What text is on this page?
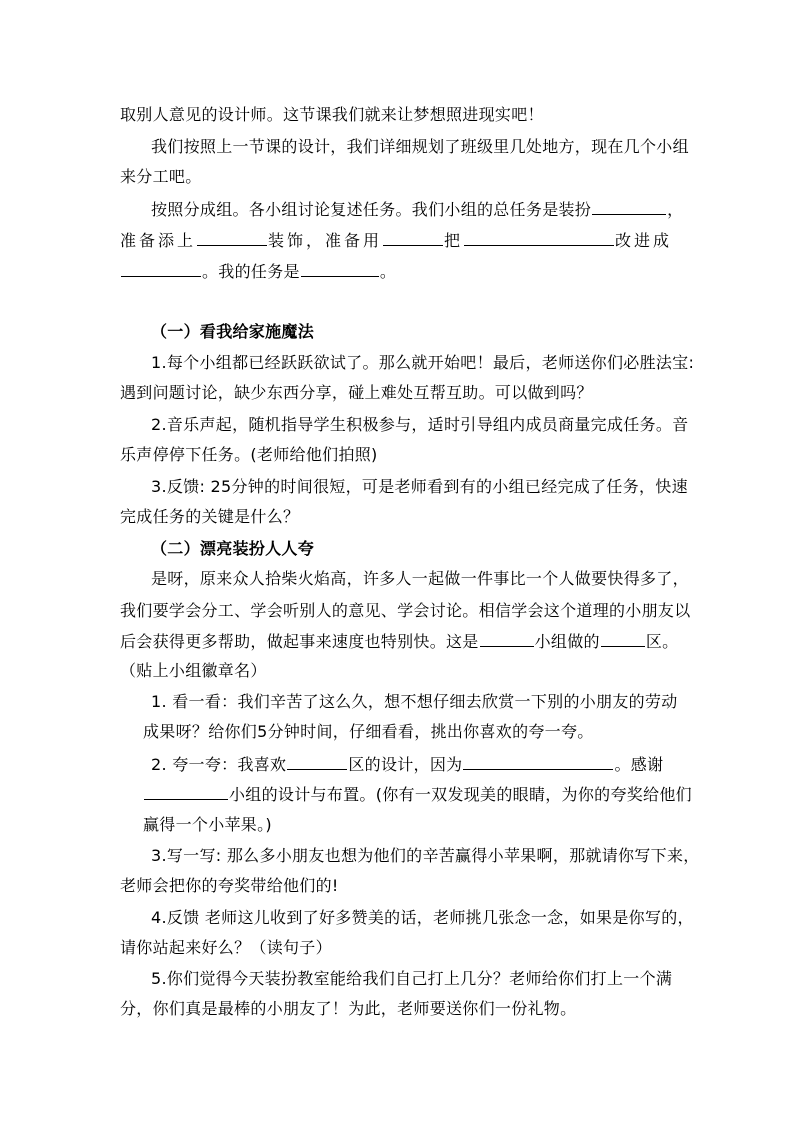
取别人意见的设计师。这节课我们就来让梦想照进现实吧！
我们按照上一节课的设计，我们详细规划了班级里几处地方，现在几个小组
来分工吧。
按照分成组。各小组讨论复述任务。我们小组的总任务是装扮	，
准备添上	装饰，准备用	把	改进成
。我的任务是	。
（一）看我给家施魔法
1.每个小组都已经跃跃欲试了。那么就开始吧！最后，老师送你们必胜法宝:
遇到问题讨论，缺少东西分享，碰上难处互帮互助。可以做到吗？
2.音乐声起，随机指导学生积极参与，适时引导组内成员商量完成任务。音
乐声停停下任务。(老师给他们拍照)
3.反馈: 25分钟的时间很短，可是老师看到有的小组已经完成了任务，快速
完成任务的关键是什么？
（二）漂亮装扮人人夸
是呀，原来众人拾柴火焰高，许多人一起做一件事比一个人做要快得多了，
我们要学会分工、学会听别人的意见、学会讨论。相信学会这个道理的小朋友以
后会获得更多帮助，做起事来速度也特别快。这是	小组做的	区。
（贴上小组徽章名）
1. 看一看：我们辛苦了这么久，想不想仔细去欣赏一下别的小朋友的劳动
成果呀？给你们5分钟时间，仔细看看，挑出你喜欢的夸一夸。
2. 夸一夸：我喜欢	区的设计，因为	。感谢
小组的设计与布置。(你有一双发现美的眼睛，为你的夸奖给他们
赢得一个小苹果。)
3.写一写: 那么多小朋友也想为他们的辛苦赢得小苹果啊，那就请你写下来，
老师会把你的夸奖带给他们的!
4.反馈 老师这儿收到了好多赞美的话，老师挑几张念一念，如果是你写的，
请你站起来好么？（读句子）
5.你们觉得今天装扮教室能给我们自己打上几分？老师给你们打上一个满
分，你们真是最棒的小朋友了！为此，老师要送你们一份礼物。
